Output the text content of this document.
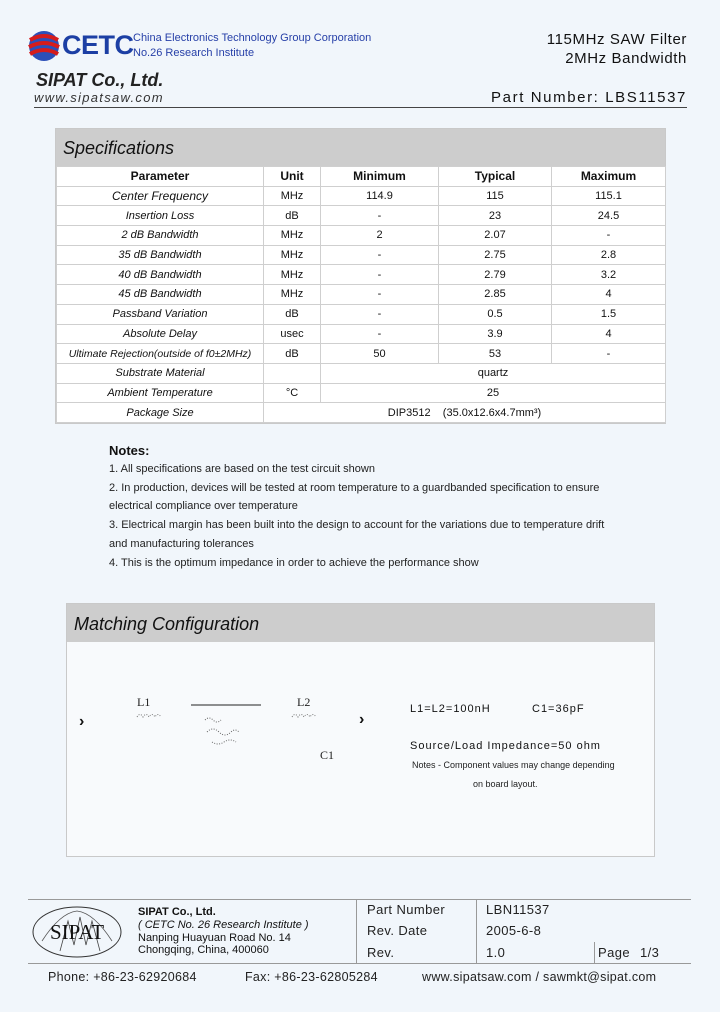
CETC China Electronics Technology Group Corporation
No.26 Research Institute
SIPAT Co., Ltd.
www.sipatsaw.com
115MHz SAW Filter
2MHz Bandwidth
Part Number: LBS11537
Specifications
Parameter	Unit	Minimum	Typical	Maximum
Center Frequency	MHz	114.9	115	115.1
Insertion Loss	dB	-	23	24.5
2 dB Bandwidth	MHz	2	2.07	-
35 dB Bandwidth	MHz	-	2.75	2.8
40 dB Bandwidth	MHz	-	2.79	3.2
45 dB Bandwidth	MHz	-	2.85	4
Passband Variation	dB	-	0.5	1.5
Absolute Delay	usec	-	3.9	4
Ultimate Rejection(outside of f0±2MHz)	dB	50	53	-
Substrate Material		quartz		
Ambient Temperature	°C	25		
Package Size	DIP3512    (35.0x12.6x4.7mm³)			
Notes:
1. All specifications are based on the test circuit shown
2. In production, devices will be tested at room temperature to a guardbanded specification to ensure
electrical compliance over temperature
3. Electrical margin has been built into the design to account for the variations due to temperature drift
and manufacturing tolerances
4. This is the optimum impedance in order to achieve the performance show
Matching Configuration
›
L1	L2
C1
›
L1=L2=100nH	C1=36pF
Source/Load Impedance=50 ohm
Notes - Component values may change depending
on board layout.
SIPAT
SIPAT Co., Ltd.
( CETC No. 26 Research Institute )
Nanping Huayuan Road No. 14
Chongqing, China, 400060
Part Number	LBN11537
Rev. Date	2005-6-8
Rev.	1.0	Page 1/3
Phone: +86-23-62920684	Fax: +86-23-62805284	www.sipatsaw.com / sawmkt@sipat.com
